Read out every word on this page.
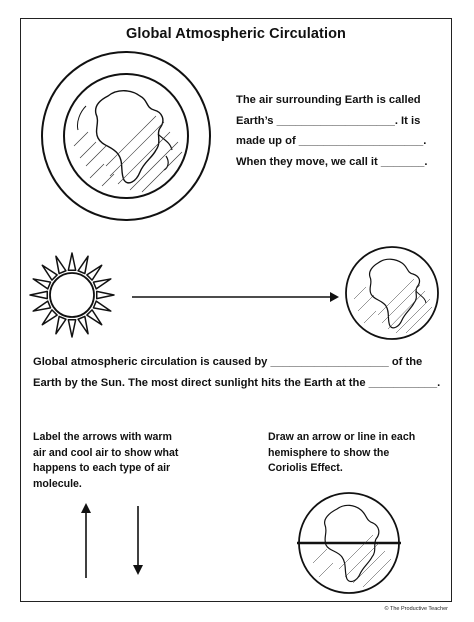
Global Atmospheric Circulation
The air surrounding Earth is called
Earth’s ___________________. It is
made up of ____________________.
When they move, we call it _______.
Global atmospheric circulation is caused by ___________________ of the
Earth by the Sun. The most direct sunlight hits the Earth at the ___________.
Label the arrows with warm
air and cool air to show what
happens to each type of air
molecule.
Draw an arrow or line in each
hemisphere to show the
Coriolis Effect.
© The Productive Teacher
